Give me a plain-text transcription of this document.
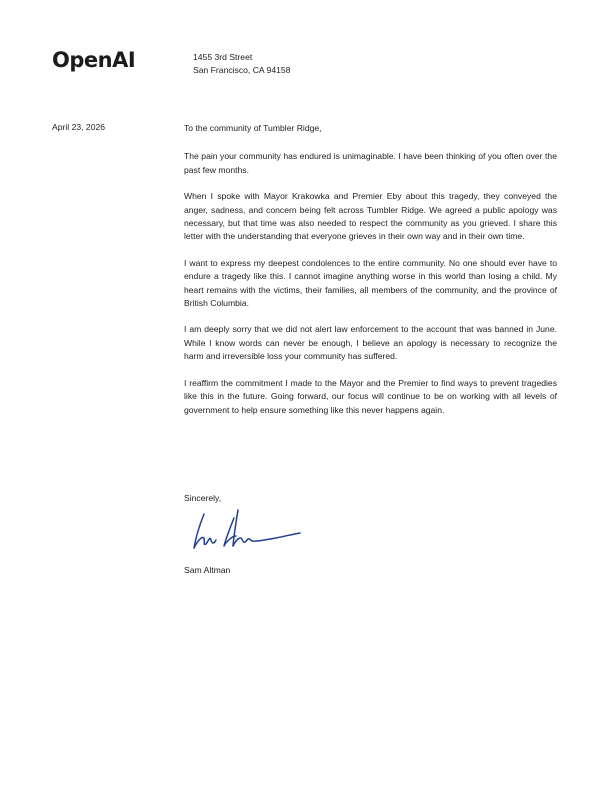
OpenAI	1455 3rd Street
San Francisco, CA 94158
April 23, 2026	To the community of Tumbler Ridge,

The pain your community has endured is unimaginable. I have been thinking of you often over the past few months.

When I spoke with Mayor Krakowka and Premier Eby about this tragedy, they conveyed the anger, sadness, and concern being felt across Tumbler Ridge. We agreed a public apology was necessary, but that time was also needed to respect the community as you grieved. I share this letter with the understanding that everyone grieves in their own way and in their own time.

I want to express my deepest condolences to the entire community. No one should ever have to endure a tragedy like this. I cannot imagine anything worse in this world than losing a child. My heart remains with the victims, their families, all members of the community, and the province of British Columbia.

I am deeply sorry that we did not alert law enforcement to the account that was banned in June. While I know words can never be enough, I believe an apology is necessary to recognize the harm and irreversible loss your community has suffered.

I reaffirm the commitment I made to the Mayor and the Premier to find ways to prevent tragedies like this in the future. Going forward, our focus will continue to be on working with all levels of government to help ensure something like this never happens again.

Sincerely,
Sam Altman
